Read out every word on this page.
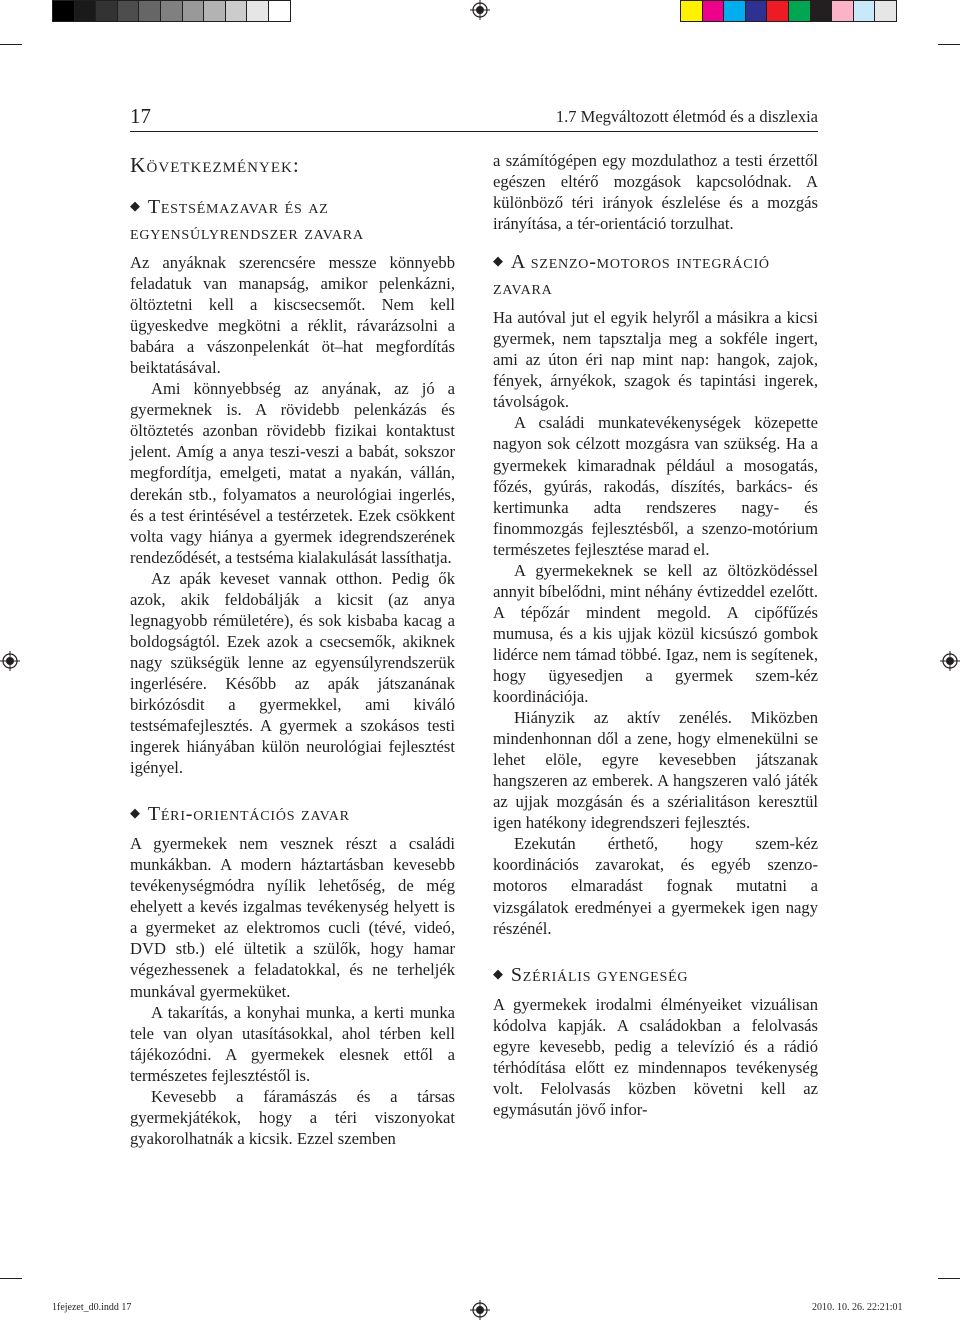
17	1.7 Megváltozott életmód és a diszlexia
Következmények:
◆ Testsémazavar és az
egyensúlyrendszer zavara

Az anyáknak szerencsére messze könnyebb feladatuk van manapság, amikor pelenkázni, öltöztetni kell a kiscsecsemőt. Nem kell ügyeskedve megkötni a réklit, rávarázsolni a babára a vászonpelenkát öt–hat megfordítás beiktatásával.

Ami könnyebbség az anyának, az jó a gyermeknek is. A rövidebb pelenkázás és öltöztetés azonban rövidebb fizikai kontaktust jelent. Amíg a anya teszi-veszi a babát, sokszor megfordítja, emelgeti, matat a nyakán, vállán, derekán stb., folyamatos a neurológiai ingerlés, és a test érintésével a testérzetek. Ezek csökkent volta vagy hiánya a gyermek idegrendszerének rendeződését, a testséma kialakulását lassíthatja.

Az apák keveset vannak otthon. Pedig ők azok, akik feldobálják a kicsit (az anya legnagyobb rémületére), és sok kisbaba kacag a boldogságtól. Ezek azok a csecsemők, akiknek nagy szükségük lenne az egyensúlyrendszerük ingerlésére. Később az apák játszanának birkózósdit a gyermekkel, ami kiváló testsémafejlesztés. A gyermek a szokásos testi ingerek hiányában külön neurológiai fejlesztést igényel.

◆ Téri-orientációs zavar

A gyermekek nem vesznek részt a családi munkákban. A modern háztartásban kevesebb tevékenységmódra nyílik lehetőség, de még ehelyett a kevés izgalmas tevékenység helyett is a gyermeket az elektromos cucli (tévé, videó, DVD stb.) elé ültetik a szülők, hogy hamar végezhessenek a feladatokkal, és ne terheljék munkával gyermeküket.

A takarítás, a konyhai munka, a kerti munka tele van olyan utasításokkal, ahol térben kell tájékozódni. A gyermekek elesnek ettől a természetes fejlesztéstől is.

Kevesebb a fáramászás és a társas gyermekjátékok, hogy a téri viszonyokat gyakorolhatnák a kicsik. Ezzel szemben

a számítógépen egy mozdulathoz a testi érzettől egészen eltérő mozgások kapcsolódnak. A különböző téri irányok észlelése és a mozgás irányítása, a tér-orientáció torzulhat.

◆ A szenzo-motoros integráció
zavara

Ha autóval jut el egyik helyről a másikra a kicsi gyermek, nem tapsztalja meg a sokféle ingert, ami az úton éri nap mint nap: hangok, zajok, fények, árnyékok, szagok és tapintási ingerek, távolságok.

A családi munkatevékenységek közepette nagyon sok célzott mozgásra van szükség. Ha a gyermekek kimaradnak például a mosogatás, főzés, gyúrás, rakodás, díszítés, barkács- és kertimunka adta rendszeres nagy- és finommozgás fejlesztésből, a szenzo-motórium természetes fejlesztése marad el.

A gyermekeknek se kell az öltözködéssel annyit bíbelődni, mint néhány évtizeddel ezelőtt. A tépőzár mindent megold. A cipőfűzés mumusa, és a kis ujjak közül kicsúszó gombok lidérce nem támad többé. Igaz, nem is segítenek, hogy ügyesedjen a gyermek szem-kéz koordinációja.

Hiányzik az aktív zenélés. Miközben mindenhonnan dől a zene, hogy elmenekülni se lehet elöle, egyre kevesebben játszanak hangszeren az emberek. A hangszeren való játék az ujjak mozgásán és a szérialitáson keresztül igen hatékony idegrendszeri fejlesztés.

Ezekután érthető, hogy szem-kéz koordinációs zavarokat, és egyéb szenzo-motoros elmaradást fognak mutatni a vizsgálatok eredményei a gyermekek igen nagy részénél.

◆ Szériális gyengeség

A gyermekek irodalmi élményeiket vizuálisan kódolva kapják. A családokban a felolvasás egyre kevesebb, pedig a televízió és a rádió térhódítása előtt ez mindennapos tevékenység volt. Felolvasás közben követni kell az egymásután jövő infor-

1fejezet_d0.indd 17	2010. 10. 26. 22:21:01
